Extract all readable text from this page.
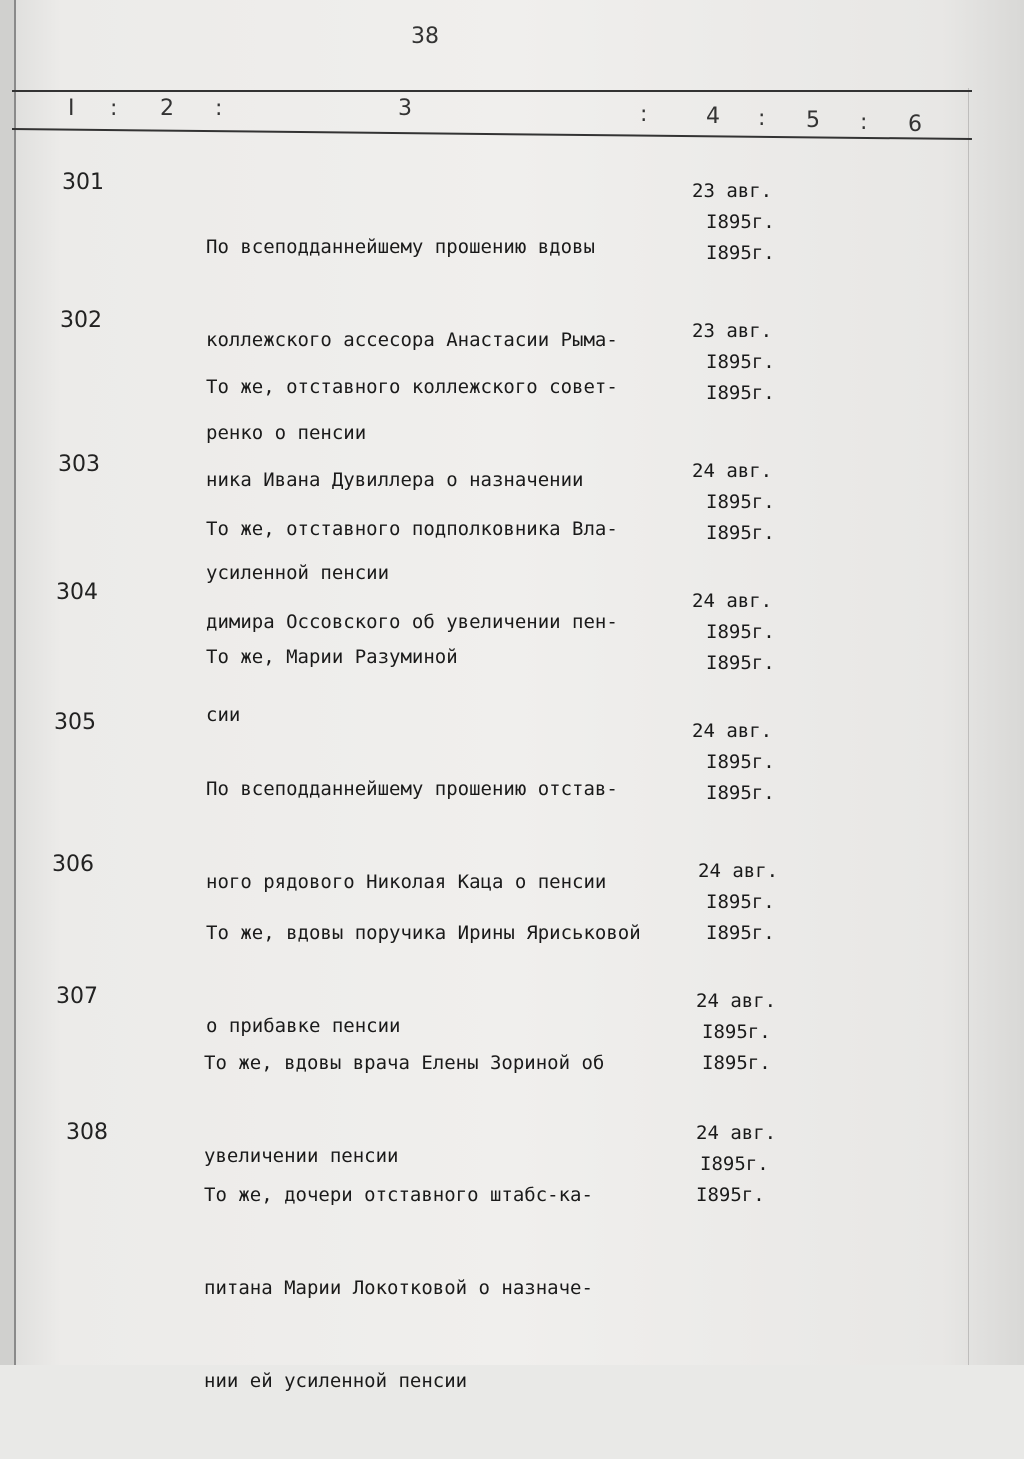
38
I : 2 :	3	:	4 : 5 : 6
301

По всеподданнейшему прошению вдовы

коллежского ассесора Анастасии Рыма-

ренко о пенсии

23 авг.
I895г.
I895г.
302

То же, отставного коллежского совет-

ника Ивана Дувиллера о назначении

усиленной пенсии

23 авг.
I895г.
I895г.
303

То же, отставного подполковника Вла-

димира Оссовского об увеличении пен-

сии

24 авг.
I895г.
I895г.
304

То же, Марии Разуминой

24 авг.
I895г.
I895г.
305

По всеподданнейшему прошению отстав-

ного рядового Николая Каца о пенсии

24 авг.
I895г.
I895г.
306

То же, вдовы поручика Ирины Яриськовой

о прибавке пенсии

24 авг.
I895г.
I895г.
307

То же, вдовы врача Елены Зориной об

увеличении пенсии

24 авг.
I895г.
I895г.
308

То же, дочери отставного штабс-ка-

питана Марии Локотковой о назначе-

нии ей усиленной пенсии

24 авг.
I895г.
I895г.
